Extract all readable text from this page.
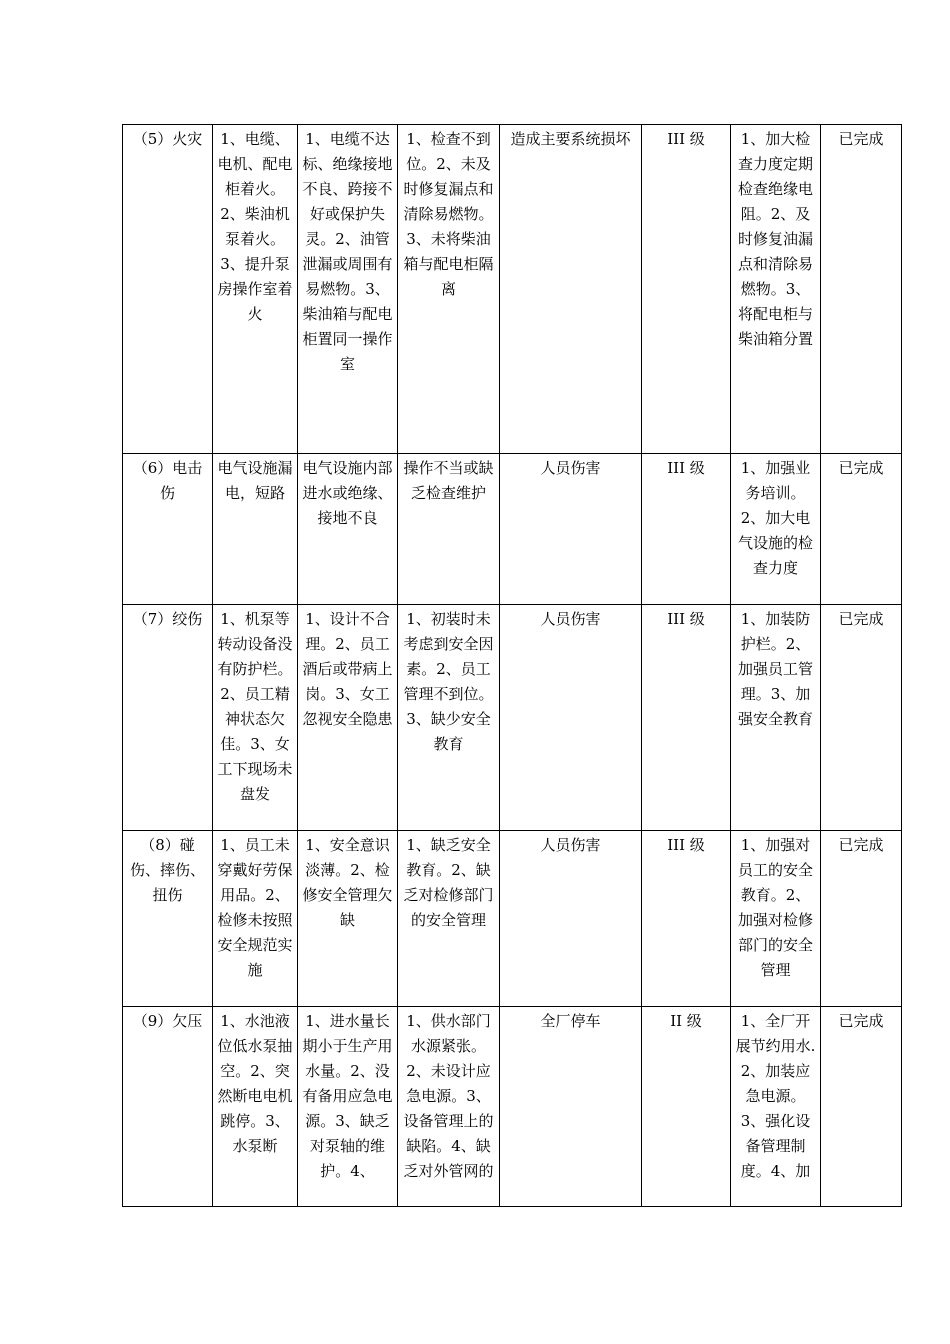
（5）火灾	1、电缆、电机、配电柜着火。2、柴油机泵着火。3、提升泵房操作室着火	1、电缆不达标、绝缘接地不良、跨接不好或保护失灵。2、油管泄漏或周围有易燃物。3、柴油箱与配电柜置同一操作室	1、检查不到位。2、未及时修复漏点和清除易燃物。3、未将柴油箱与配电柜隔离	造成主要系统损坏	III 级	1、加大检查力度定期检查绝缘电阻。2、及时修复油漏点和清除易燃物。3、将配电柜与柴油箱分置	已完成
（6）电击伤	电气设施漏电，短路	电气设施内部进水或绝缘、接地不良	操作不当或缺乏检查维护	人员伤害	III 级	1、加强业务培训。2、加大电气设施的检查力度	已完成
（7）绞伤	1、机泵等转动设备没有防护栏。2、员工精神状态欠佳。3、女工下现场未盘发	1、设计不合理。2、员工酒后或带病上岗。3、女工忽视安全隐患	1、初装时未考虑到安全因素。2、员工管理不到位。3、缺少安全教育	人员伤害	III 级	1、加装防护栏。2、加强员工管理。3、加强安全教育	已完成
（8）碰伤、摔伤、扭伤	1、员工未穿戴好劳保用品。2、检修未按照安全规范实施	1、安全意识淡薄。2、检修安全管理欠缺	1、缺乏安全教育。2、缺乏对检修部门的安全管理	人员伤害	III 级	1、加强对员工的安全教育。2、加强对检修部门的安全管理	已完成
（9）欠压	1、水池液位低水泵抽空。2、突然断电电机跳停。3、水泵断	1、进水量长期小于生产用水量。2、没有备用应急电源。3、缺乏对泵轴的维护。4、	1、供水部门水源紧张。2、未设计应急电源。3、设备管理上的缺陷。4、缺乏对外管网的	全厂停车	II 级	1、全厂开展节约用水.2、加装应急电源。3、强化设备管理制度。4、加	已完成
